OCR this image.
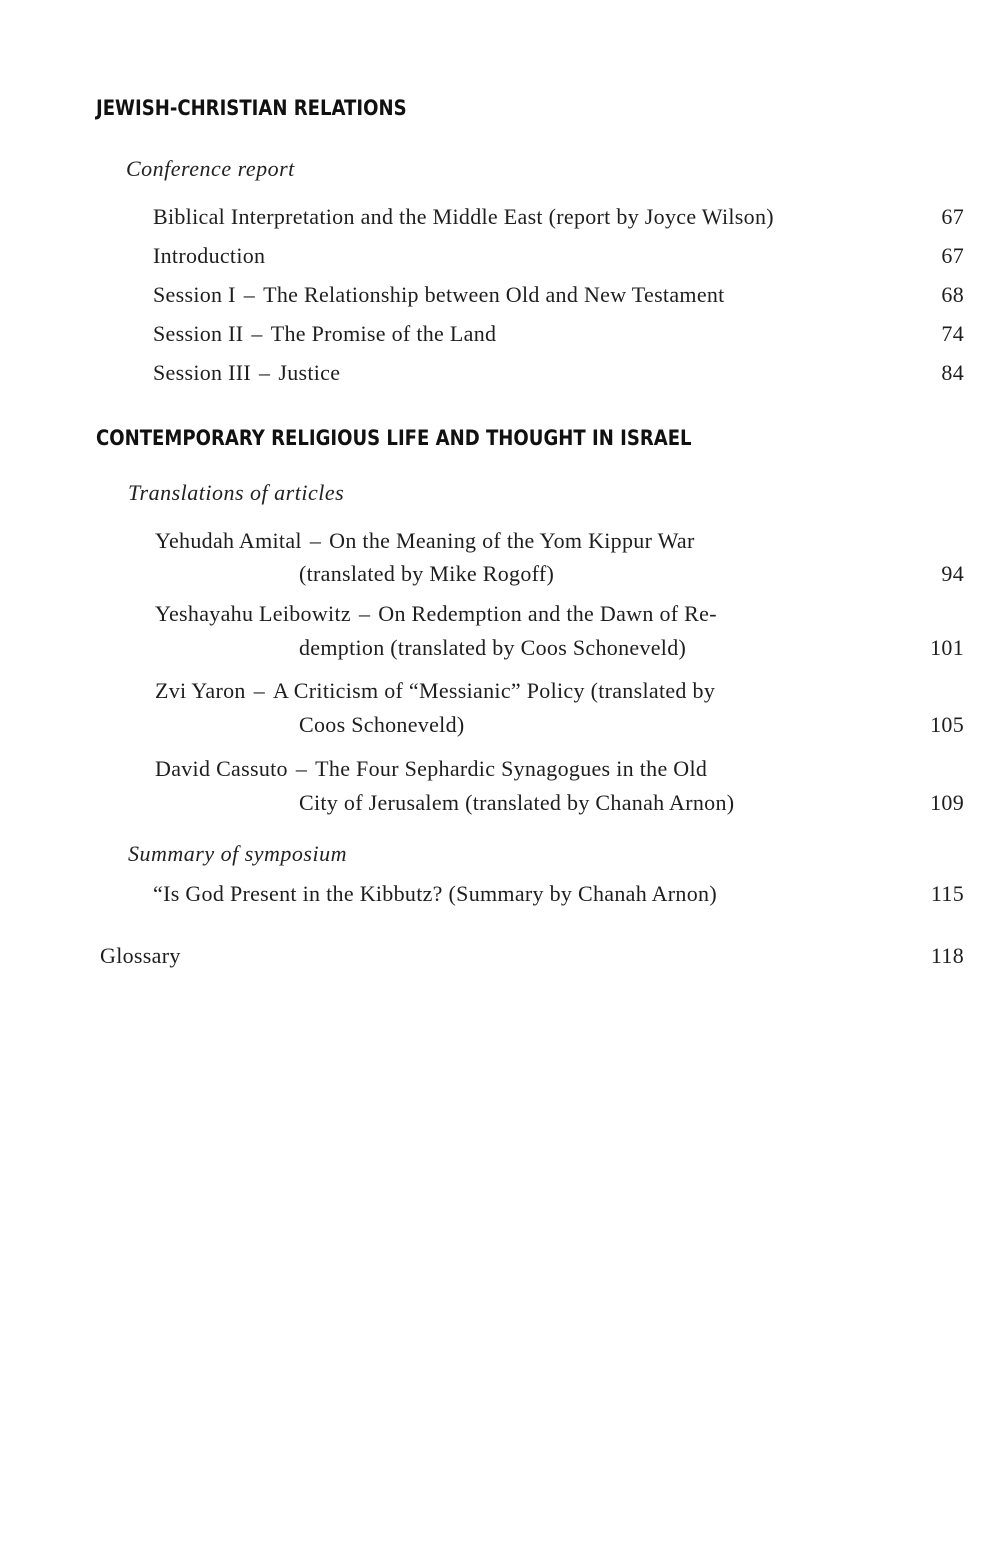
JEWISH-CHRISTIAN RELATIONS
Conference report
Biblical Interpretation and the Middle East (report by Joyce Wilson)	67
Introduction	67
Session I – The Relationship between Old and New Testament	68
Session II – The Promise of the Land	74
Session III – Justice	84
CONTEMPORARY RELIGIOUS LIFE AND THOUGHT IN ISRAEL
Translations of articles
Yehudah Amital – On the Meaning of the Yom Kippur War
(translated by Mike Rogoff)	94
Yeshayahu Leibowitz – On Redemption and the Dawn of Re-
demption (translated by Coos Schoneveld)	101
Zvi Yaron – A Criticism of “Messianic” Policy (translated by
Coos Schoneveld)	105
David Cassuto – The Four Sephardic Synagogues in the Old
City of Jerusalem (translated by Chanah Arnon)	109
Summary of symposium
“Is God Present in the Kibbutz? (Summary by Chanah Arnon)	115
Glossary	118
